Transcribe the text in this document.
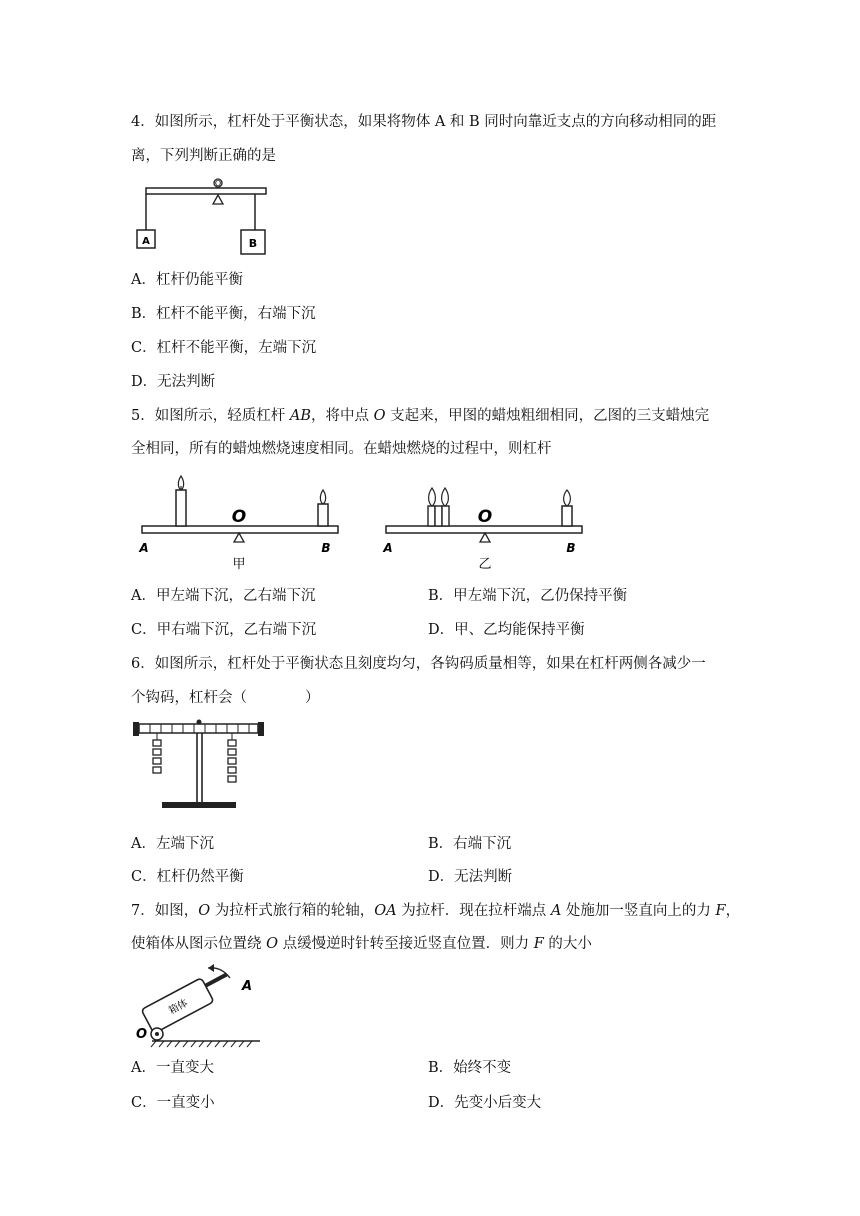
4．如图所示，杠杆处于平衡状态，如果将物体 A 和 B 同时向靠近支点的方向移动相同的距
离，下列判断正确的是
O
A	B
A．杠杆仍能平衡
B．杠杆不能平衡，右端下沉
C．杠杆不能平衡，左端下沉
D．无法判断
5．如图所示，轻质杠杆 AB，将中点 O 支起来，甲图的蜡烛粗细相同，乙图的三支蜡烛完
全相同，所有的蜡烛燃烧速度相同。在蜡烛燃烧的过程中，则杠杆
O
A	B
甲
O
A	B
乙
A．甲左端下沉，乙右端下沉	B．甲左端下沉，乙仍保持平衡
C．甲右端下沉，乙右端下沉	D．甲、乙均能保持平衡
6．如图所示，杠杆处于平衡状态且刻度均匀，各钩码质量相等，如果在杠杆两侧各减少一
个钩码，杠杆会（　　　　）
A．左端下沉	B．右端下沉
C．杠杆仍然平衡	D．无法判断
7．如图，O 为拉杆式旅行箱的轮轴，OA 为拉杆．现在拉杆端点 A 处施加一竖直向上的力 F，
使箱体从图示位置绕 O 点缓慢逆时针转至接近竖直位置．则力 F 的大小
箱体
A
O
A．一直变大	B．始终不变
C．一直变小	D．先变小后变大
